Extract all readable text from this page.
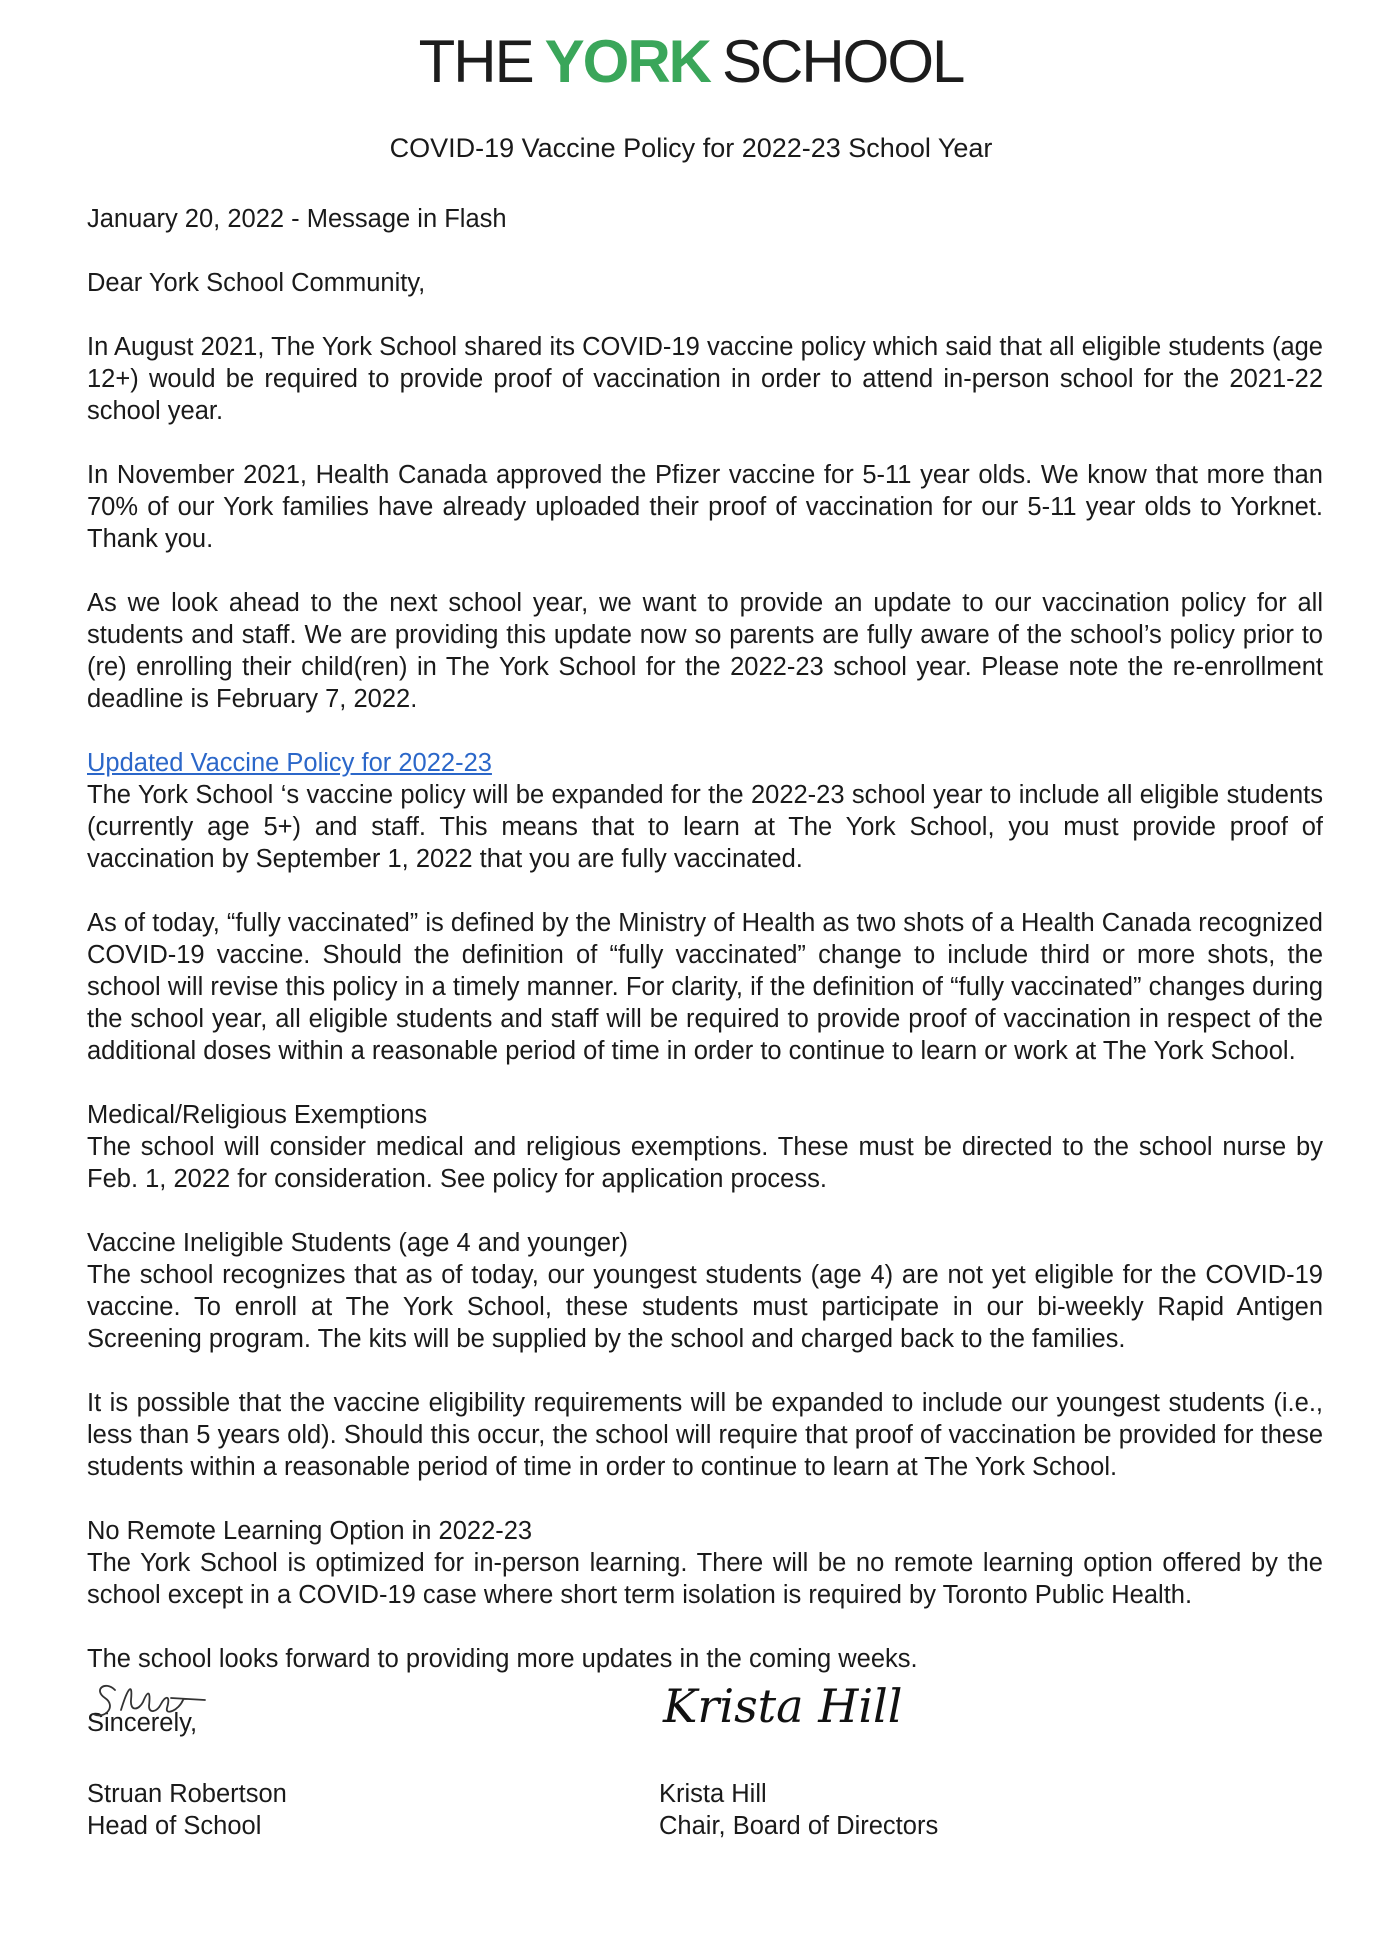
THE YORK SCHOOL
COVID-19 Vaccine Policy for 2022-23 School Year

January 20, 2022 - Message in Flash

Dear York School Community,

In August 2021, The York School shared its COVID-19 vaccine policy which said that all eligible students (age 12+) would be required to provide proof of vaccination in order to attend in-person school for the 2021-22 school year.

In November 2021, Health Canada approved the Pfizer vaccine for 5-11 year olds. We know that more than 70% of our York families have already uploaded their proof of vaccination for our 5-11 year olds to Yorknet. Thank you.

As we look ahead to the next school year, we want to provide an update to our vaccination policy for all students and staff. We are providing this update now so parents are fully aware of the school’s policy prior to (re) enrolling their child(ren) in The York School for the 2022-23 school year. Please note the re-enrollment deadline is February 7, 2022.

Updated Vaccine Policy for 2022-23
The York School ‘s vaccine policy will be expanded for the 2022-23 school year to include all eligible students (currently age 5+) and staff. This means that to learn at The York School, you must provide proof of vaccination by September 1, 2022 that you are fully vaccinated.

As of today, “fully vaccinated” is defined by the Ministry of Health as two shots of a Health Canada recognized COVID-19 vaccine. Should the definition of “fully vaccinated” change to include third or more shots, the school will revise this policy in a timely manner. For clarity, if the definition of “fully vaccinated” changes during the school year, all eligible students and staff will be required to provide proof of vaccination in respect of the additional doses within a reasonable period of time in order to continue to learn or work at The York School.

Medical/Religious Exemptions
The school will consider medical and religious exemptions. These must be directed to the school nurse by Feb. 1, 2022 for consideration. See policy for application process.
Vaccine Ineligible Students (age 4 and younger)
The school recognizes that as of today, our youngest students (age 4) are not yet eligible for the COVID-19 vaccine. To enroll at The York School, these students must participate in our bi-weekly Rapid Antigen Screening program. The kits will be supplied by the school and charged back to the families.

It is possible that the vaccine eligibility requirements will be expanded to include our youngest students (i.e., less than 5 years old). Should this occur, the school will require that proof of vaccination be provided for these students within a reasonable period of time in order to continue to learn at The York School.

No Remote Learning Option in 2022-23
The York School is optimized for in-person learning. There will be no remote learning option offered by the school except in a COVID-19 case where short term isolation is required by Toronto Public Health.

The school looks forward to providing more updates in the coming weeks.

Sincerely,

Struan Robertson
Head of School
Krista Hill
Krista Hill
Chair, Board of Directors
